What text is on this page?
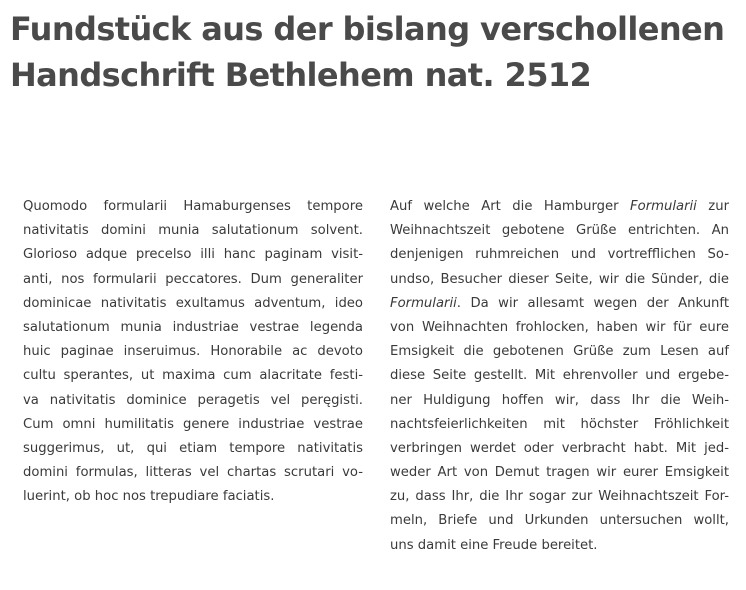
Fundstück aus der bislang verschollenen
Handschrift Bethlehem nat. 2512
Quomodo formularii Hamaburgenses tempore
nativitatis domini munia salutationum solvent.
Glorioso adque precelso illi hanc paginam visit-
anti, nos formularii peccatores. Dum generaliter
dominicae nativitatis exultamus adventum, ideo
salutationum munia industriae vestrae legenda
huic paginae inseruimus. Honorabile ac devoto
cultu sperantes, ut maxima cum alacritate festi-
va nativitatis dominice peragetis vel peręgisti.
Cum omni humilitatis genere industriae vestrae
suggerimus, ut, qui etiam tempore nativitatis
domini formulas, litteras vel chartas scrutari vo-
luerint, ob hoc nos trepudiare faciatis.
Auf welche Art die Hamburger Formularii zur
Weihnachtszeit gebotene Grüße entrichten. An
denjenigen ruhmreichen und vortrefflichen So-
undso, Besucher dieser Seite, wir die Sünder, die
Formularii. Da wir allesamt wegen der Ankunft
von Weihnachten frohlocken, haben wir für eure
Emsigkeit die gebotenen Grüße zum Lesen auf
diese Seite gestellt. Mit ehrenvoller und ergebe-
ner Huldigung hoffen wir, dass Ihr die Weih-
nachtsfeierlichkeiten mit höchster Fröhlichkeit
verbringen werdet oder verbracht habt. Mit jed-
weder Art von Demut tragen wir eurer Emsigkeit
zu, dass Ihr, die Ihr sogar zur Weihnachtszeit For-
meln, Briefe und Urkunden untersuchen wollt,
uns damit eine Freude bereitet.
